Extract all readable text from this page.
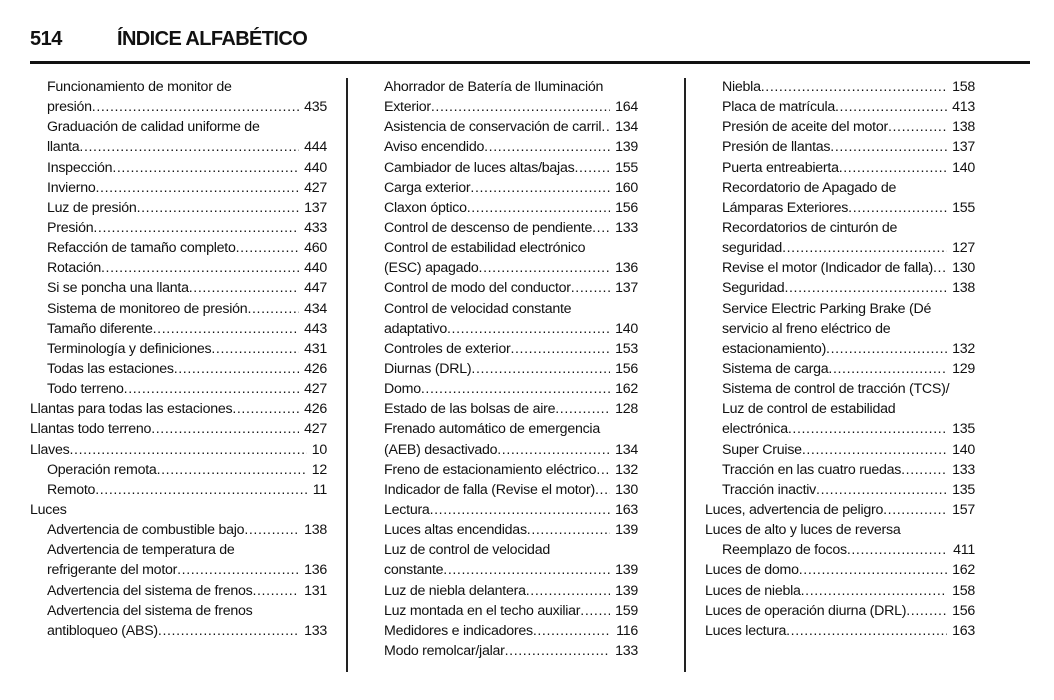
514	ÍNDICE ALFABÉTICO
Funcionamiento de monitor de
presión .....	435
Graduación de calidad uniforme de
llanta .....	444
Inspección .....	440
Invierno .....	427
Luz de presión .....	137
Presión .....	433
Refacción de tamaño completo .....	460
Rotación .....	440
Si se poncha una llanta .....	447
Sistema de monitoreo de presión .....	434
Tamaño diferente .....	443
Terminología y definiciones .....	431
Todas las estaciones .....	426
Todo terreno .....	427
Llantas para todas las estaciones .....	426
Llantas todo terreno .....	427
Llaves .....	10
Operación remota .....	12
Remoto .....	11
Luces
Advertencia de combustible bajo .....	138
Advertencia de temperatura de
refrigerante del motor .....	136
Advertencia del sistema de frenos .....	131
Advertencia del sistema de frenos
antibloqueo (ABS) .....	133
Ahorrador de Batería de Iluminación
Exterior .....	164
Asistencia de conservación de carril ..... 134
Aviso encendido .....	139
Cambiador de luces altas/bajas .....	155
Carga exterior .....	160
Claxon óptico .....	156
Control de descenso de pendiente .....	133
Control de estabilidad electrónico
(ESC) apagado .....	136
Control de modo del conductor .....	137
Control de velocidad constante
adaptativo .....	140
Controles de exterior .....	153
Diurnas (DRL) .....	156
Domo .....	162
Estado de las bolsas de aire .....	128
Frenado automático de emergencia
(AEB) desactivado .....	134
Freno de estacionamiento eléctrico .....	132
Indicador de falla (Revise el motor) .....	130
Lectura .....	163
Luces altas encendidas .....	139
Luz de control de velocidad
constante .....	139
Luz de niebla delantera .....	139
Luz montada en el techo auxiliar .....	159
Medidores e indicadores .....	116
Modo remolcar/jalar .....	133
Niebla .....	158
Placa de matrícula .....	413
Presión de aceite del motor .....	138
Presión de llantas .....	137
Puerta entreabierta .....	140
Recordatorio de Apagado de
Lámparas Exteriores .....	155
Recordatorios de cinturón de
seguridad .....	127
Revise el motor (Indicador de falla) .....	130
Seguridad .....	138
Service Electric Parking Brake (Dé
servicio al freno eléctrico de
estacionamiento) .....	132
Sistema de carga .....	129
Sistema de control de tracción (TCS)/
Luz de control de estabilidad
electrónica .....	135
Super Cruise .....	140
Tracción en las cuatro ruedas .....	133
Tracción inactiv .....	135
Luces, advertencia de peligro .....	157
Luces de alto y luces de reversa
Reemplazo de focos .....	411
Luces de domo .....	162
Luces de niebla .....	158
Luces de operación diurna (DRL) .....	156
Luces lectura .....	163
